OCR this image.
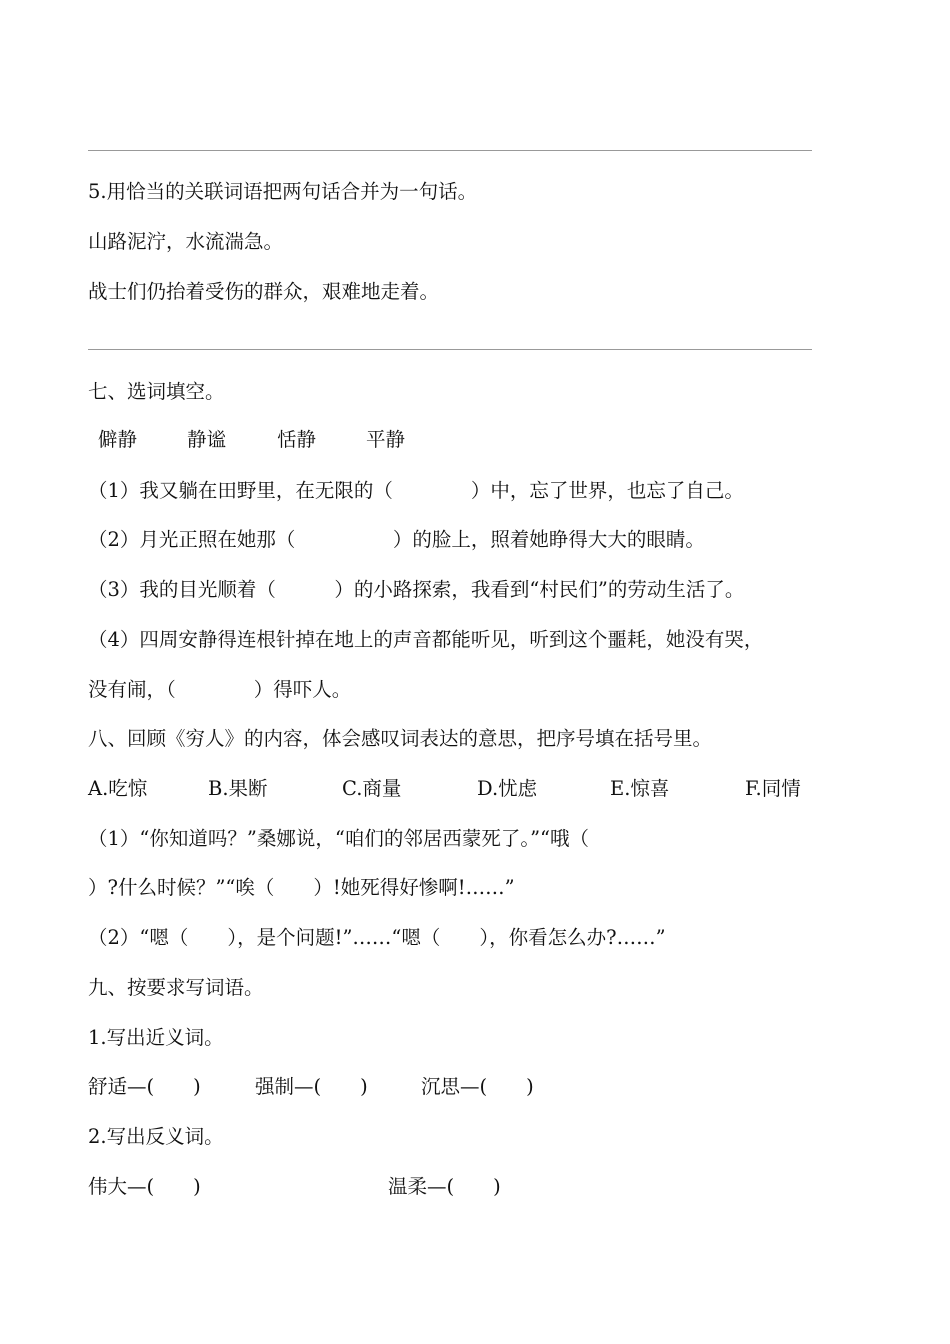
5.用恰当的关联词语把两句话合并为一句话。
山路泥泞，水流湍急。
战士们仍抬着受伤的群众，艰难地走着。
七、选词填空。

僻静

	静谧

	恬静

	平静

（1）我又躺在田野里，在无限的（　　　　）中，忘了世界，也忘了自己。
（2）月光正照在她那（　　　　　）的脸上，照着她睁得大大的眼睛。
（3）我的目光顺着（　　　）的小路探索，我看到“村民们”的劳动生活了。
（4）四周安静得连根针掉在地上的声音都能听见，听到这个噩耗，她没有哭，
没有闹，（　　　　）得吓人。
八、回顾《穷人》的内容，体会感叹词表达的意思，把序号填在括号里。

A.吃惊

	B.果断

	C.商量

	D.忧虑

	E.惊喜

	F.同情

（1）“你知道吗？”桑娜说，“咱们的邻居西蒙死了。”“哦（
）?什么时候？”“唉（　　）!她死得好惨啊!……”
（2）“嗯（　　），是个问题!”……“嗯（　　），你看怎么办?……”
九、按要求写词语。
1.写出近义词。

舒适—(　　)

	强制—(　　)

	沉思—(　　)

2.写出反义词。

伟大—(　　)

	温柔—(　　)
